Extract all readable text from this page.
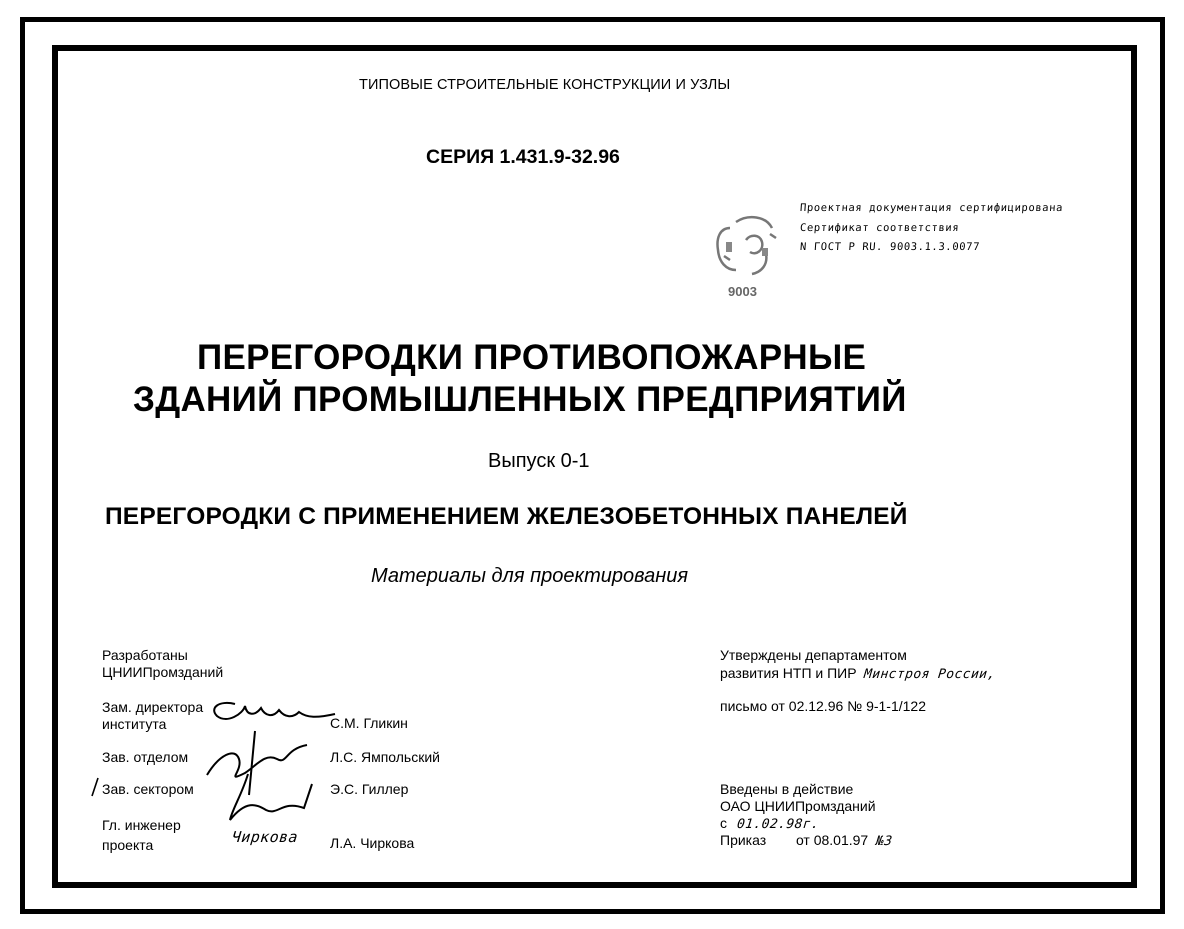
ТИПОВЫЕ СТРОИТЕЛЬНЫЕ КОНСТРУКЦИИ И УЗЛЫ
СЕРИЯ 1.431.9-32.96
9003
Проектная документация сертифицирована
Сертификат соответствия
N ГОСТ Р RU. 9003.1.3.0077
ПЕРЕГОРОДКИ ПРОТИВОПОЖАРНЫЕ
ЗДАНИЙ ПРОМЫШЛЕННЫХ ПРЕДПРИЯТИЙ
Выпуск 0-1
ПЕРЕГОРОДКИ С ПРИМЕНЕНИЕМ ЖЕЛЕЗОБЕТОННЫХ ПАНЕЛЕЙ
Материалы для проектирования
Разработаны
ЦНИИПромзданий
Зам. директора
института	С.М. Гликин
Зав. отделом	Л.С. Ямпольский
Зав. сектором	Э.С. Гиллер
Гл. инженер
проекта	Л.А. Чиркова
Чиркова
Утверждены департаментом
развития НТП и ПИР Минстроя России,
письмо от 02.12.96 № 9-1-1/122
Введены в действие
ОАО ЦНИИПромзданий
с 01.02.98г.
Приказ от 08.01.97 №3
